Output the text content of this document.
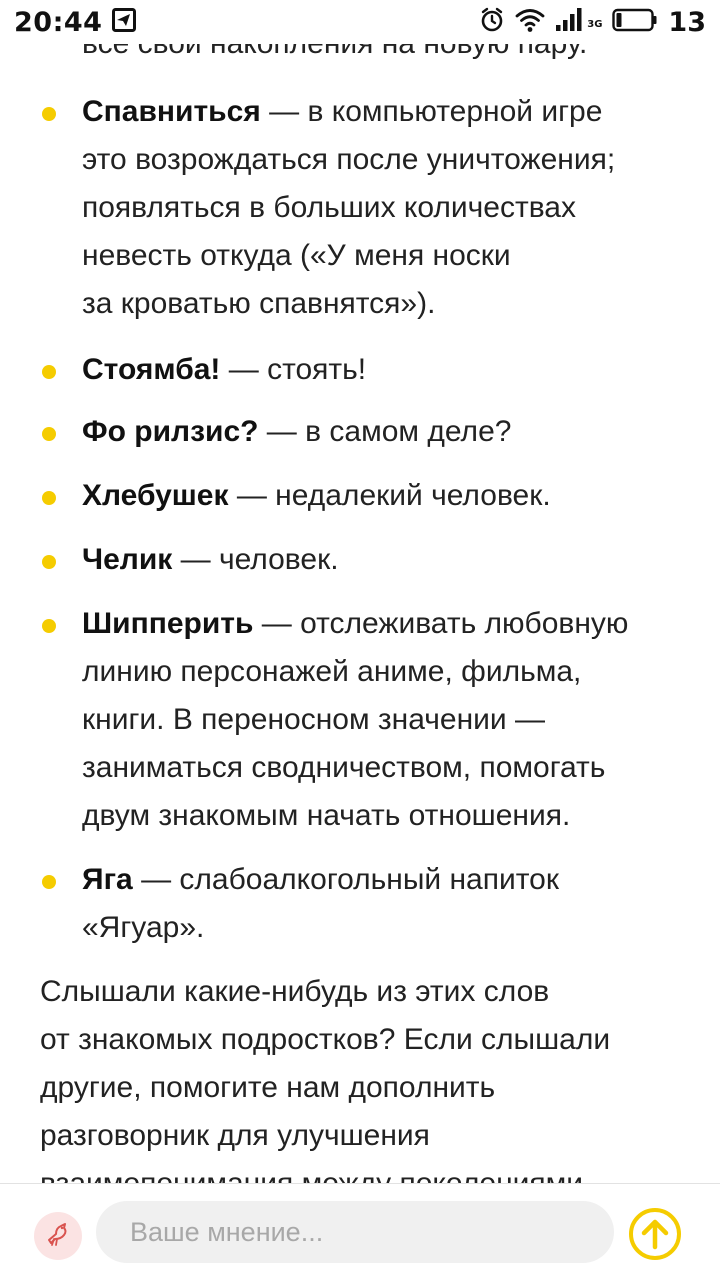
Спавниться — в компьютерной игре
это возрождаться после уничтожения;
появляться в больших количествах
невесть откуда («У меня носки
за кроватью спавнятся»).
Стоямба! — стоять!
Фо рилзис? — в самом деле?
Хлебушек — недалекий человек.
Челик — человек.
Шипперить — отслеживать любовную
линию персонажей аниме, фильма,
книги. В переносном значении —
заниматься сводничеством, помогать
двум знакомым начать отношения.
Яга — слабоалкогольный напиток
«Ягуар».

Слышали какие-нибудь из этих слов
от знакомых подростков? Если слышали
другие, помогите нам дополнить
разговорник для улучшения

20:44	3G 13
Ваше мнение...
